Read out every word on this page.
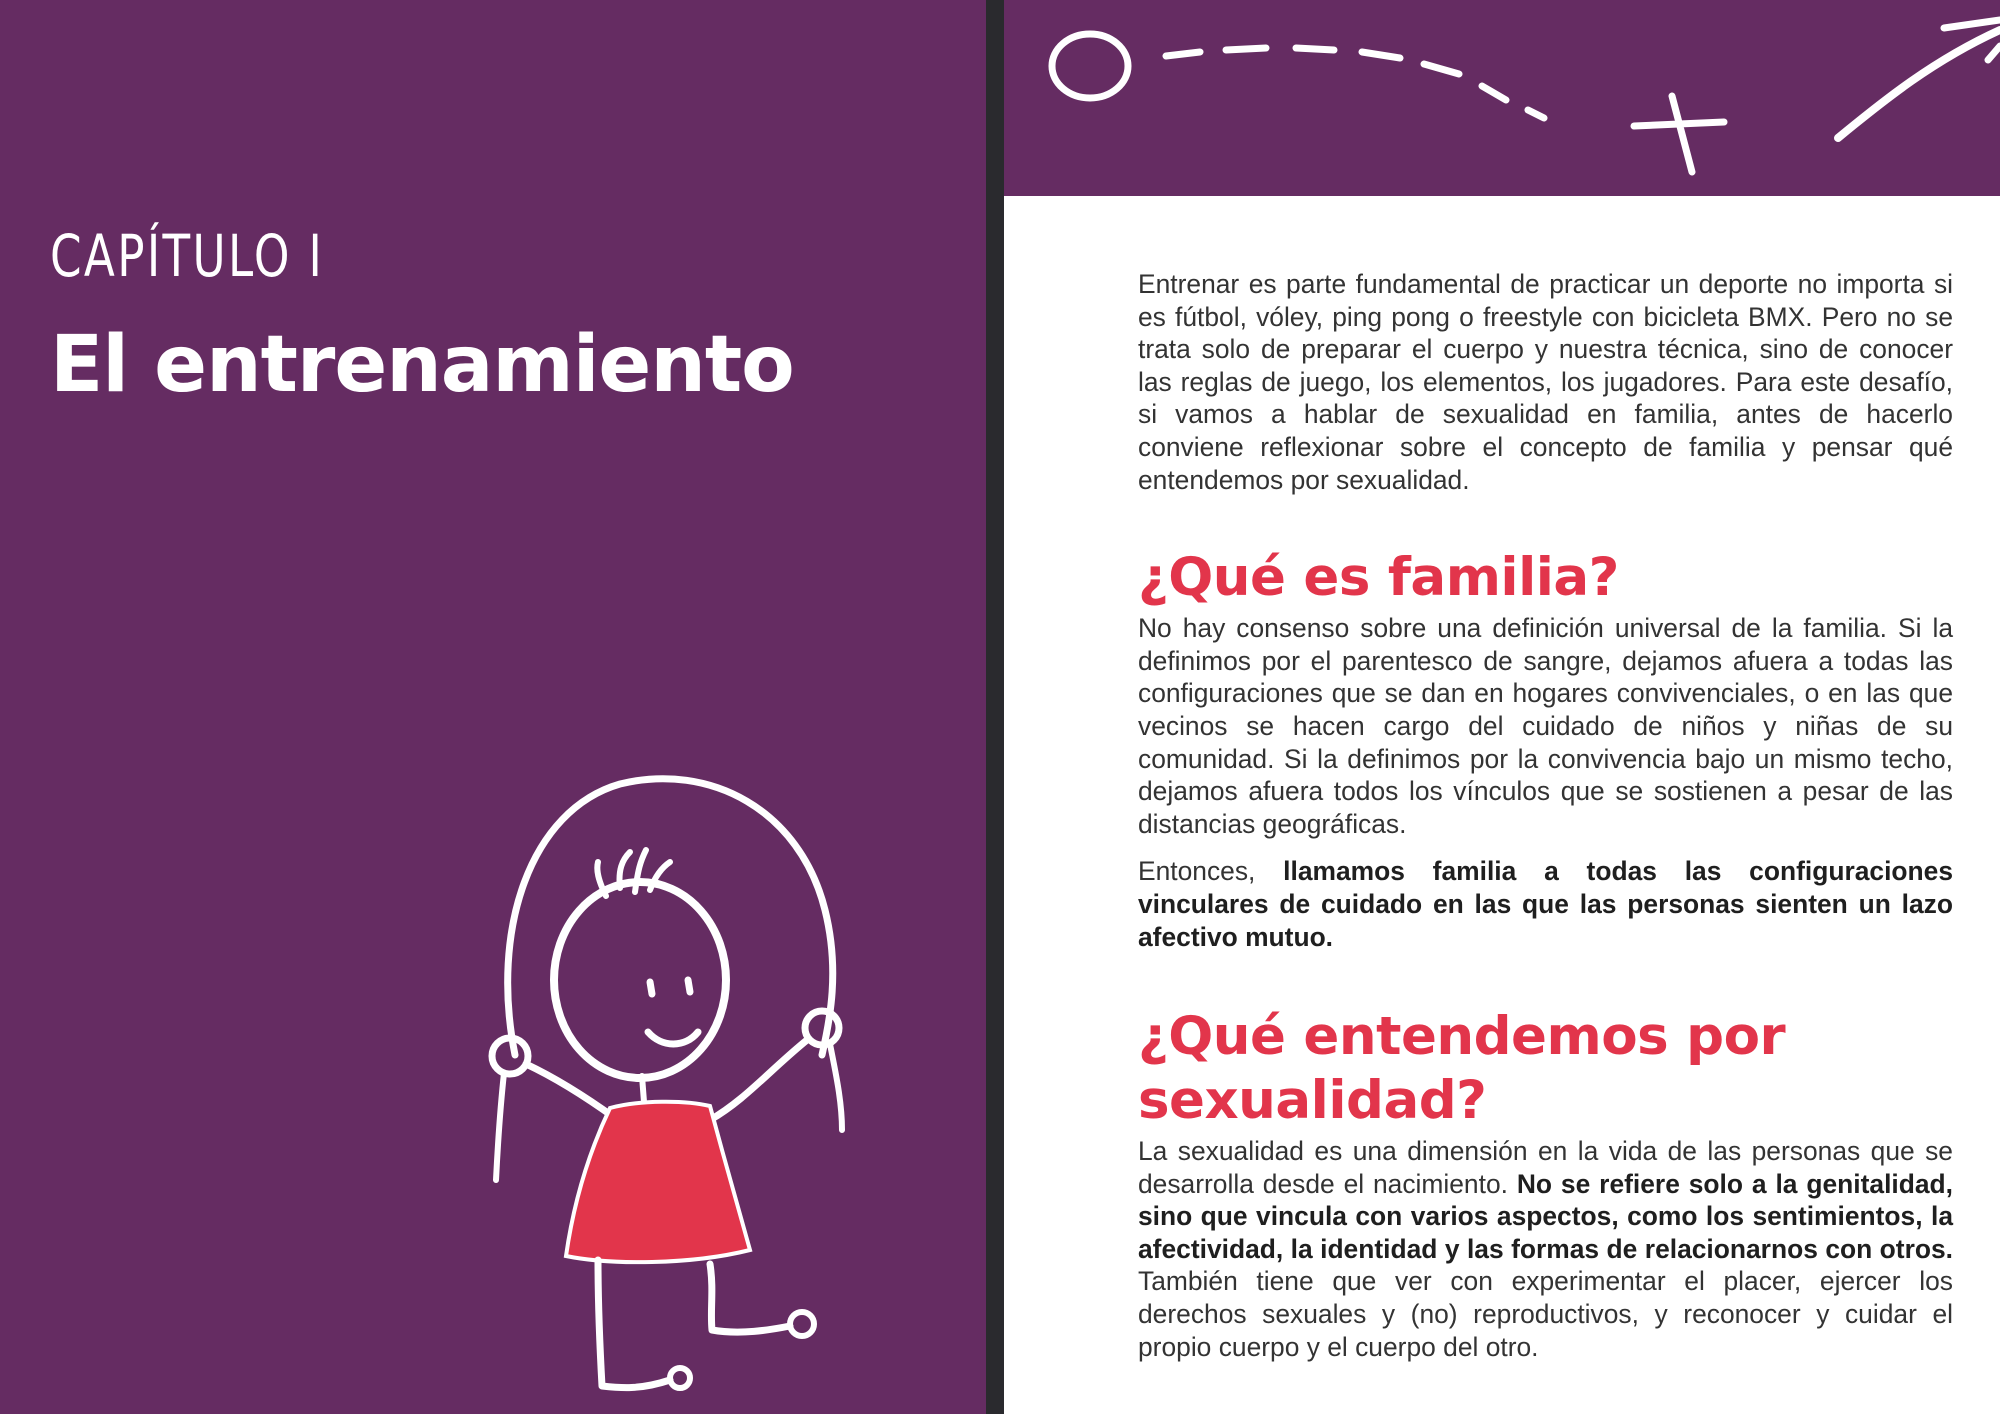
CAPÍTULO I
El entrenamiento

Entrenar es parte fundamental de practicar un deporte no importa si es fútbol, vóley, ping pong o freestyle con bicicleta BMX. Pero no se trata solo de preparar el cuerpo y nuestra técnica, sino de conocer las reglas de juego, los elementos, los jugadores. Para este desafío, si vamos a hablar de sexualidad en familia, antes de hacerlo conviene reflexionar sobre el concepto de familia y pensar qué entendemos por sexualidad.

¿Qué es familia?

No hay consenso sobre una definición universal de la familia. Si la definimos por el parentesco de sangre, dejamos afuera a todas las configuraciones que se dan en hogares convivenciales, o en las que vecinos se hacen cargo del cuidado de niños y niñas de su comunidad. Si la definimos por la convivencia bajo un mismo techo, dejamos afuera todos los vínculos que se sostienen a pesar de las distancias geográficas.

Entonces, llamamos familia a todas las configuraciones vinculares de cuidado en las que las personas sienten un lazo afectivo mutuo.

¿Qué entendemos por sexualidad?

La sexualidad es una dimensión en la vida de las personas que se desarrolla desde el nacimiento. No se refiere solo a la genitalidad, sino que vincula con varios aspectos, como los sentimientos, la afectividad, la identidad y las formas de relacionarnos con otros. También tiene que ver con experimentar el placer, ejercer los derechos sexuales y (no) reproductivos, y reconocer y cuidar el propio cuerpo y el cuerpo del otro.
